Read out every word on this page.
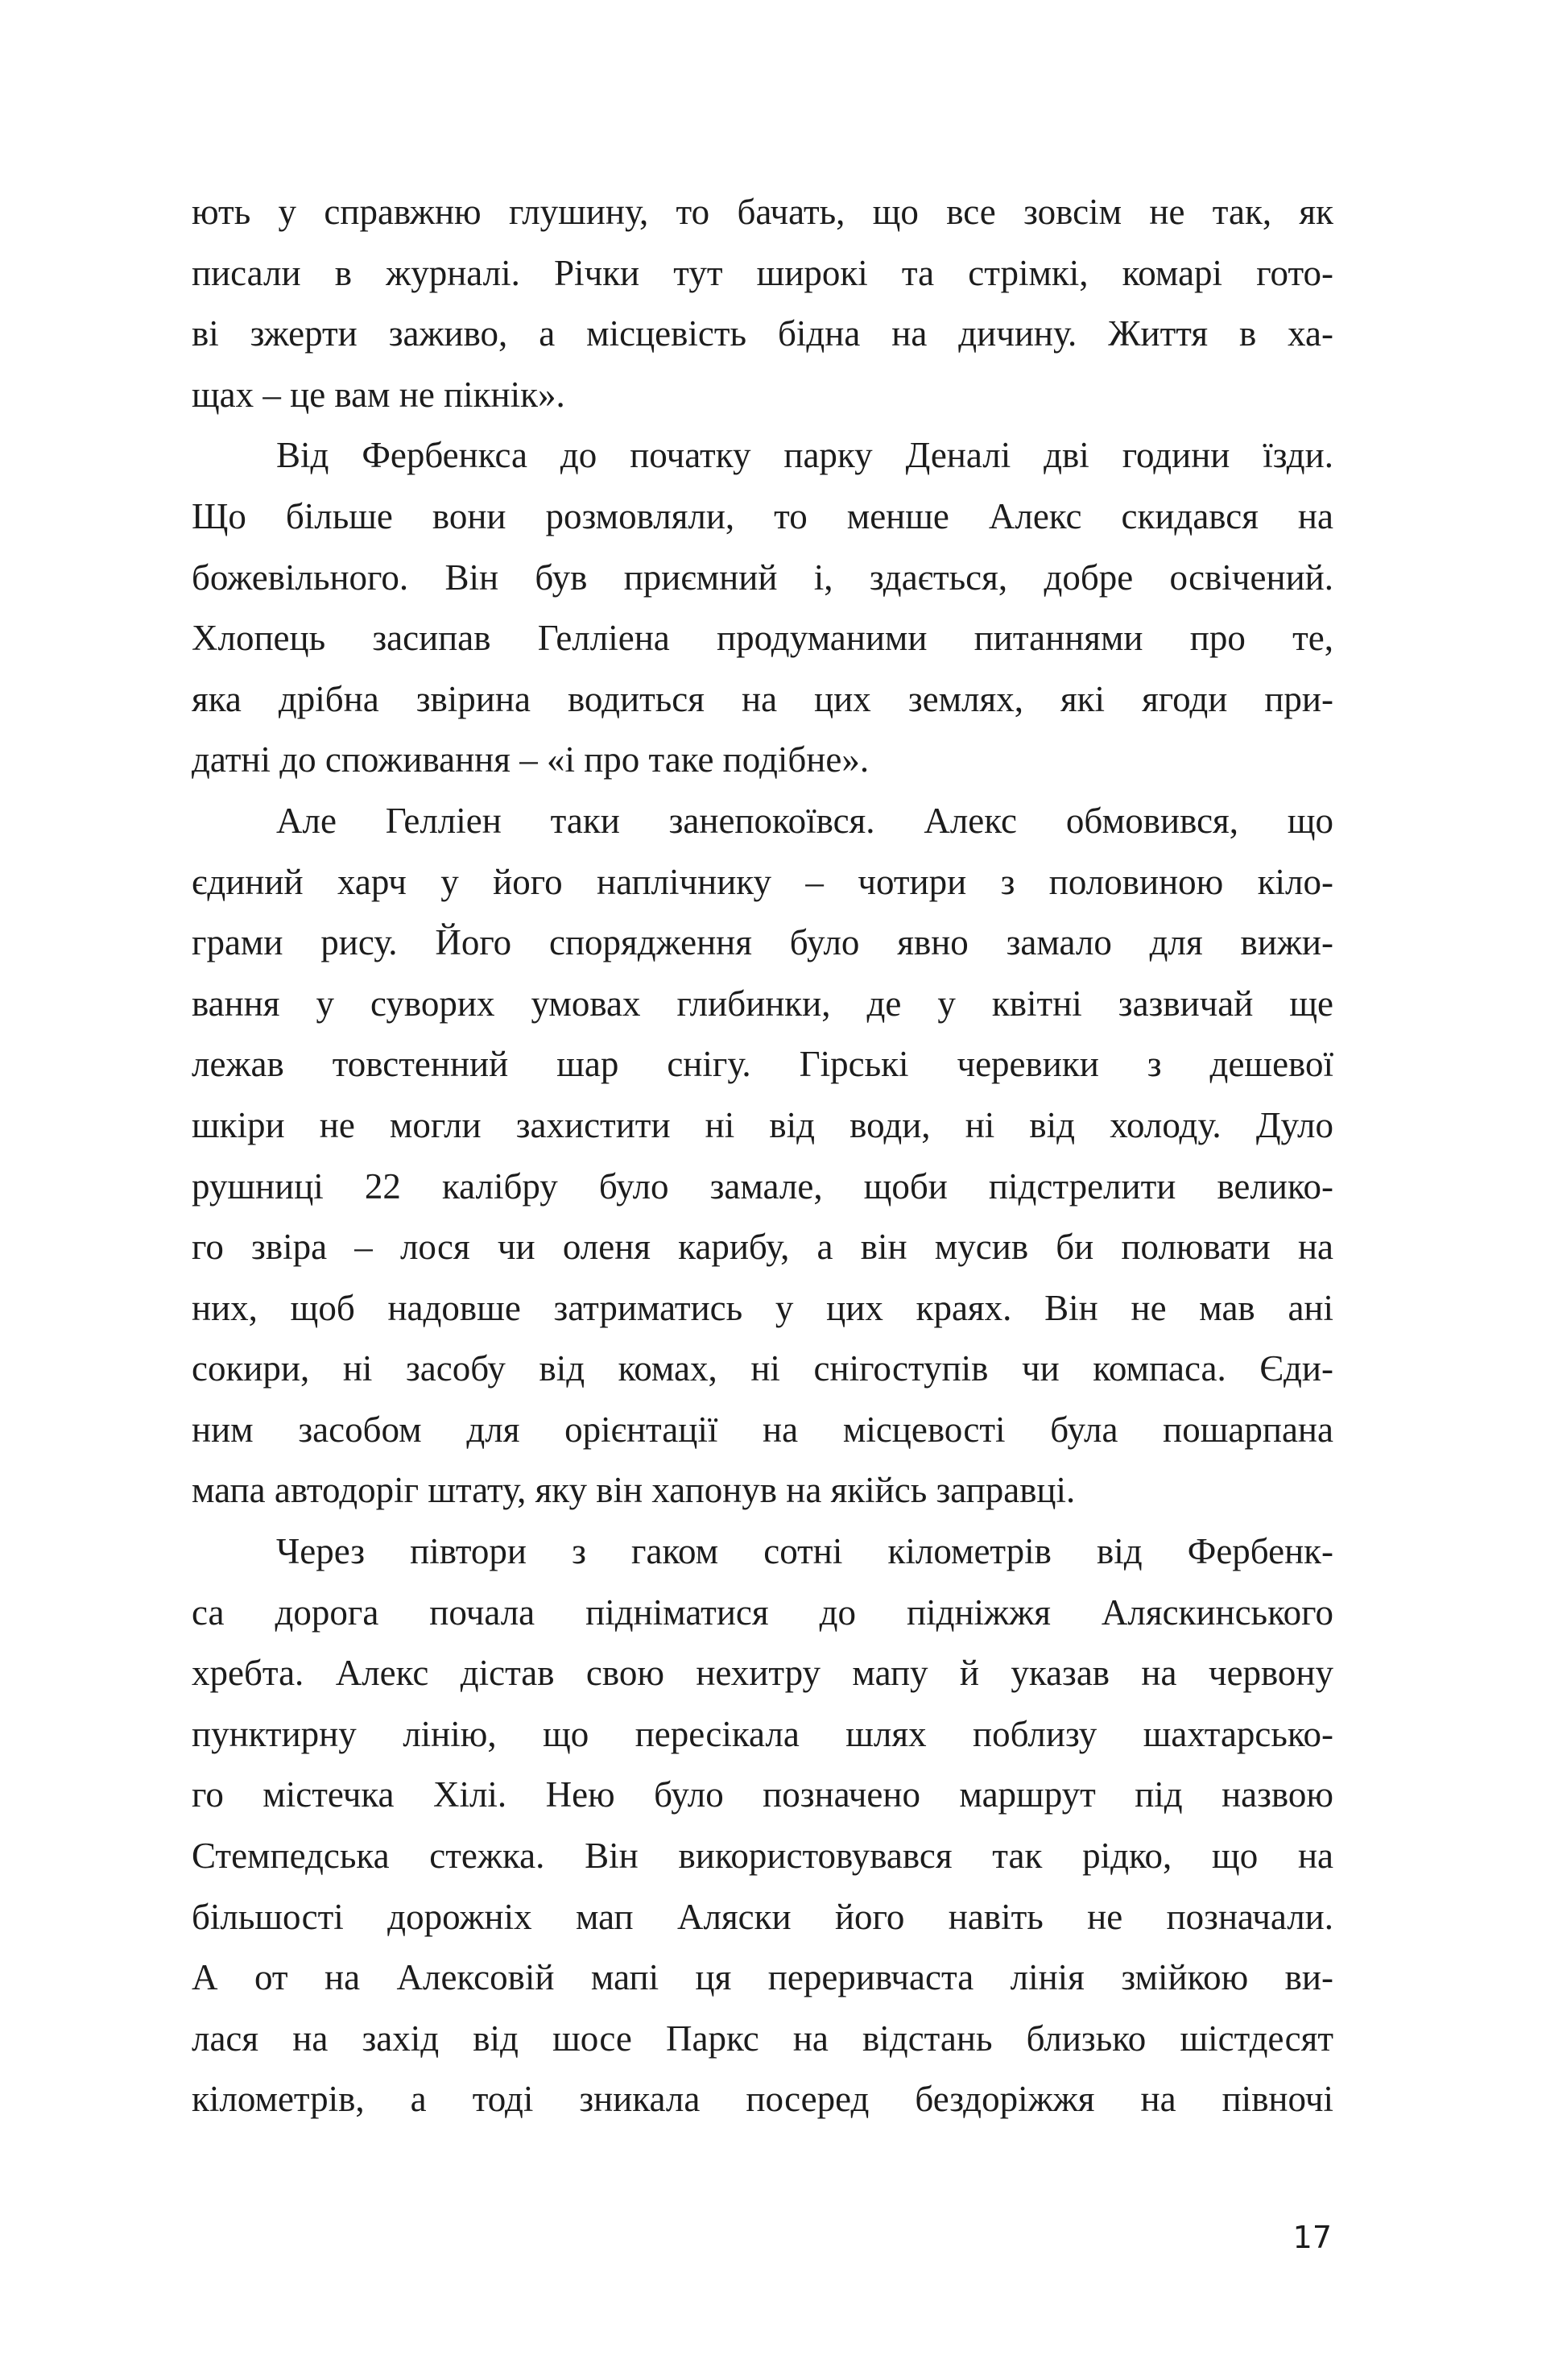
ють у справжню глушину, то бачать, що все зовсім не так, як
писали в журналі. Річки тут широкі та стрімкі, комарі гото-
ві зжерти заживо, а місцевість бідна на дичину. Життя в ха-
щах – це вам не пікнік».
Від Фербенкса до початку парку Деналі дві години їзди.
Що більше вони розмовляли, то менше Алекс скидався на
божевільного. Він був приємний і, здається, добре освічений.
Хлопець засипав Гелліена продуманими питаннями про те,
яка дрібна звірина водиться на цих землях, які ягоди при-
датні до споживання – «і про таке подібне».
Але Гелліен таки занепокоївся. Алекс обмовився, що
єдиний харч у його наплічнику – чотири з половиною кіло-
грами рису. Його спорядження було явно замало для вижи-
вання у суворих умовах глибинки, де у квітні зазвичай ще
лежав товстенний шар снігу. Гірські черевики з дешевої
шкіри не могли захистити ні від води, ні від холоду. Дуло
рушниці 22 калібру було замале, щоби підстрелити велико-
го звіра – лося чи оленя карибу, а він мусив би полювати на
них, щоб надовше затриматись у цих краях. Він не мав ані
сокири, ні засобу від комах, ні снігоступів чи компаса. Єди-
ним засобом для орієнтації на місцевості була пошарпана
мапа автодоріг штату, яку він хапонув на якійсь заправці.
Через півтори з гаком сотні кілометрів від Фербенк-
са дорога почала підніматися до підніжжя Аляскинського
хребта. Алекс дістав свою нехитру мапу й указав на червону
пунктирну лінію, що пересікала шлях поблизу шахтарсько-
го містечка Хілі. Нею було позначено маршрут під назвою
Стемпедська стежка. Він використовувався так рідко, що на
більшості дорожніх мап Аляски його навіть не позначали.
А от на Алексовій мапі ця переривчаста лінія змійкою ви-
лася на захід від шосе Паркс на відстань близько шістдесят
кілометрів, а тоді зникала посеред бездоріжжя на півночі
17
